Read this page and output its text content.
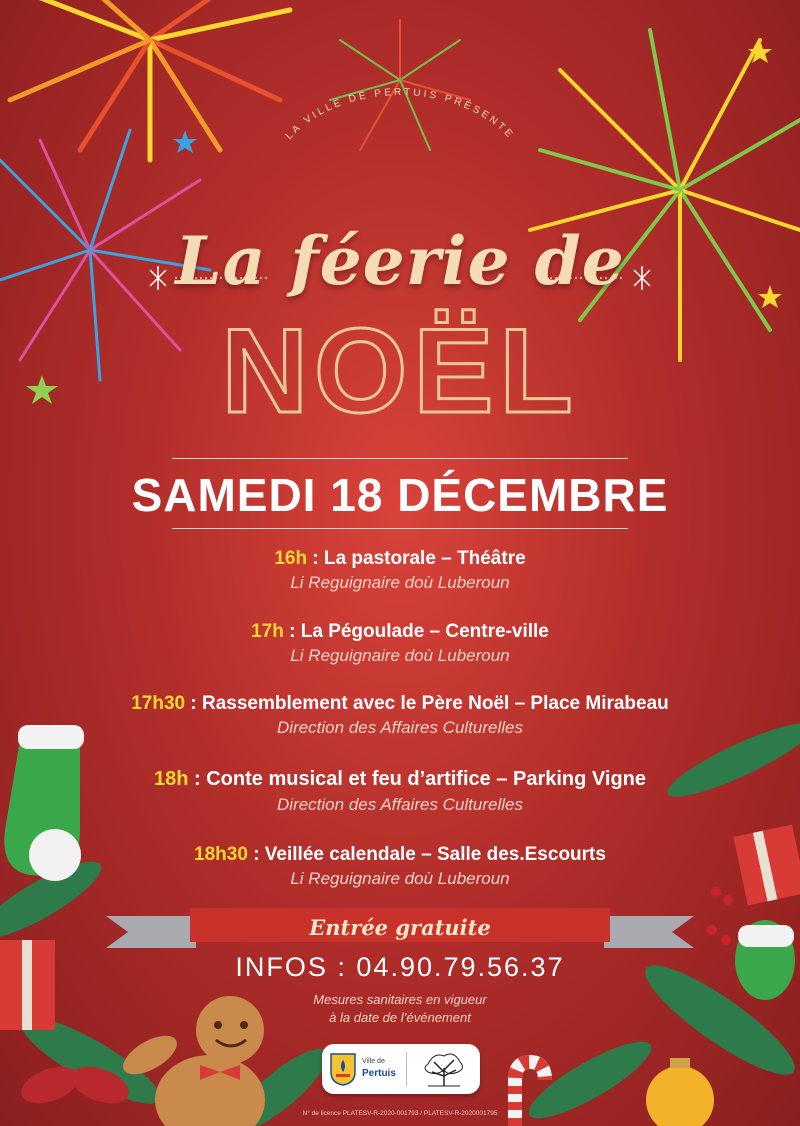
LA VILLE DE PERTUIS PRÉSENTE
La féerie de
NOËL
SAMEDI 18 DÉCEMBRE
16h : La pastorale – Théâtre
Li Reguignaire doù Luberoun
17h : La Pégoulade – Centre-ville
Li Reguignaire doù Luberoun
17h30 : Rassemblement avec le Père Noël – Place Mirabeau
Direction des Affaires Culturelles
18h : Conte musical et feu d’artifice – Parking Vigne
Direction des Affaires Culturelles
18h30 : Veillée calendale – Salle des.Escourts
Li Reguignaire doù Luberoun
Entrée gratuite
INFOS : 04.90.79.56.37
Mesures sanitaires en vigueur
à la date de l’événement
Ville de
Pertuis
N° de licence PLATESV-R-2020-001793 / PLATESV-R-2020001795
